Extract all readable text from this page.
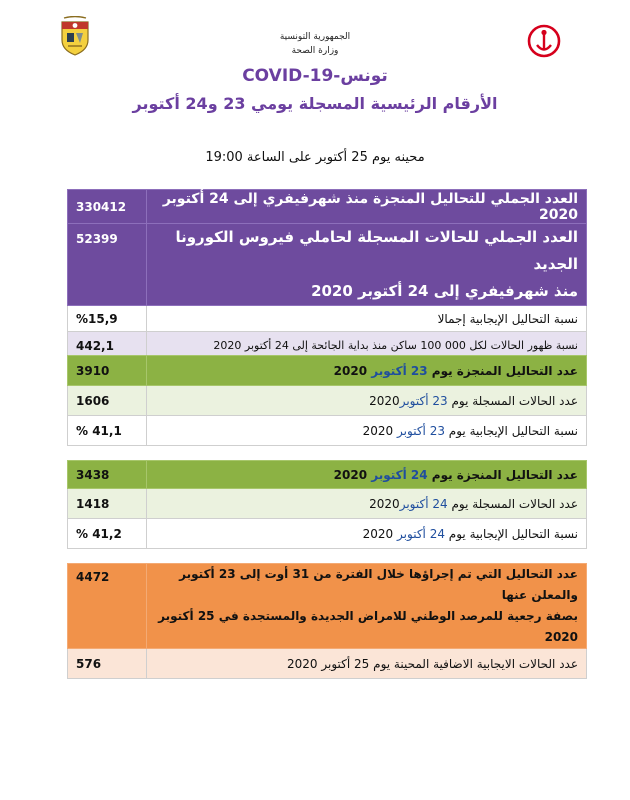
الجمهورية التونسية
وزارة الصحة
COVID-19-تونس
الأرقام الرئيسية المسجلة يومي 23 و24 أكتوبر
محينه يوم 25 أكتوبر على الساعة 19:00
330412	العدد الجملي للتحاليل المنجزة منذ شهرفيفري إلى 24 أكتوبر 2020
52399	العدد الجملي للحالات المسجلة لحاملي فيروس الكورونا الجديد
منذ شهرفيفري إلى 24 أكتوبر 2020

%15,9	نسبة التحاليل الإيجابية إجمالا
442,1	نسبة ظهور الحالات لكل 000 100 ساكن منذ بداية الجائحة إلى 24 أكتوبر 2020
3910	عدد التحاليل المنجزة يوم 23 أكتوبر 2020
1606	عدد الحالات المسجلة يوم 23 أكتوبر2020
% 41,1	نسبة التحاليل الإيجابية يوم 23 أكتوبر 2020
3438	عدد التحاليل المنجزة يوم 24 أكتوبر 2020
1418	عدد الحالات المسجلة يوم 24 أكتوبر2020
% 41,2	نسبة التحاليل الإيجابية يوم 24 أكتوبر 2020
4472	عدد التحاليل التي تم إجراؤها خلال الفترة من 31 أوت إلى 23 أكتوبر والمعلن عنها
بصفة رجعية للمرصد الوطني للامراض الجديدة والمستجدة في 25 أكتوبر 2020

576	عدد الحالات الايجابية الاضافية المحينة يوم 25 أكتوبر 2020
